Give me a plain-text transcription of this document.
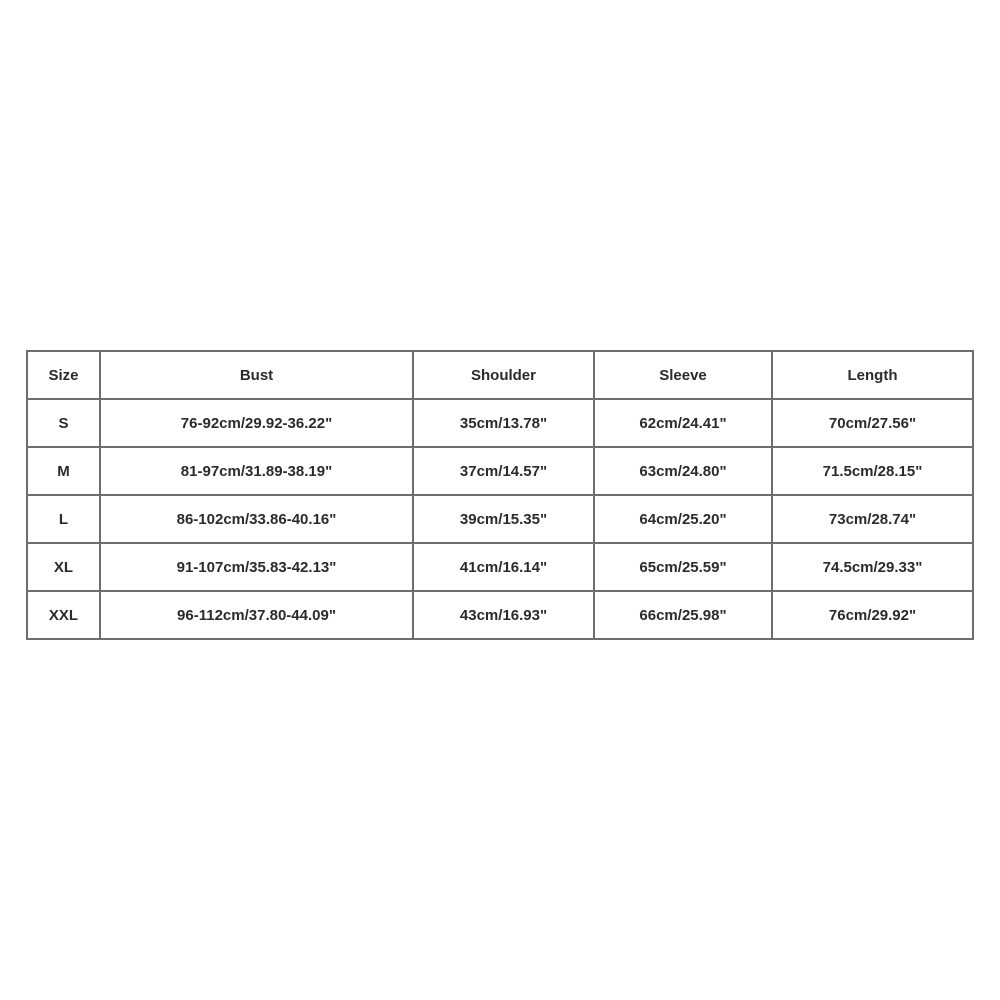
Size	Bust	Shoulder	Sleeve	Length
S	76-92cm/29.92-36.22"	35cm/13.78"	62cm/24.41"	70cm/27.56"
M	81-97cm/31.89-38.19"	37cm/14.57"	63cm/24.80"	71.5cm/28.15"
L	86-102cm/33.86-40.16"	39cm/15.35"	64cm/25.20"	73cm/28.74"
XL	91-107cm/35.83-42.13"	41cm/16.14"	65cm/25.59"	74.5cm/29.33"
XXL	96-112cm/37.80-44.09"	43cm/16.93"	66cm/25.98"	76cm/29.92"
